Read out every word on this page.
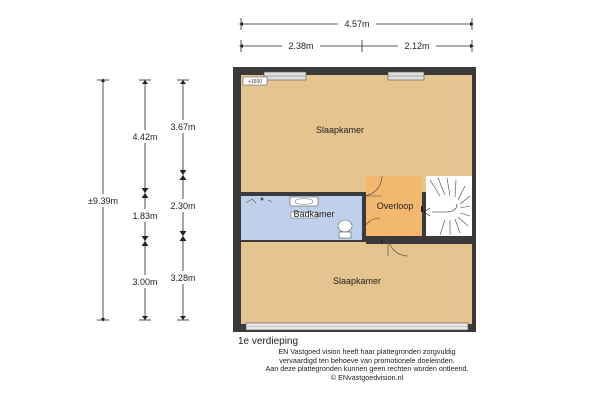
4.57m
2.38m	2.12m
±9.39m
4.42m
1.83m
3.00m
3.67m
2.30m
3.28m
+1600
Slaapkamer
Badkamer
Overloop
Slaapkamer
1e verdieping
EN Vastgoed vision heeft haar plattegronden zorgvuldig
vervaardigd ten behoeve van promotionele doeleinden.
Aan deze plattegronden kunnen geen rechten worden ontleend.
© ENvastgoedvision.nl
